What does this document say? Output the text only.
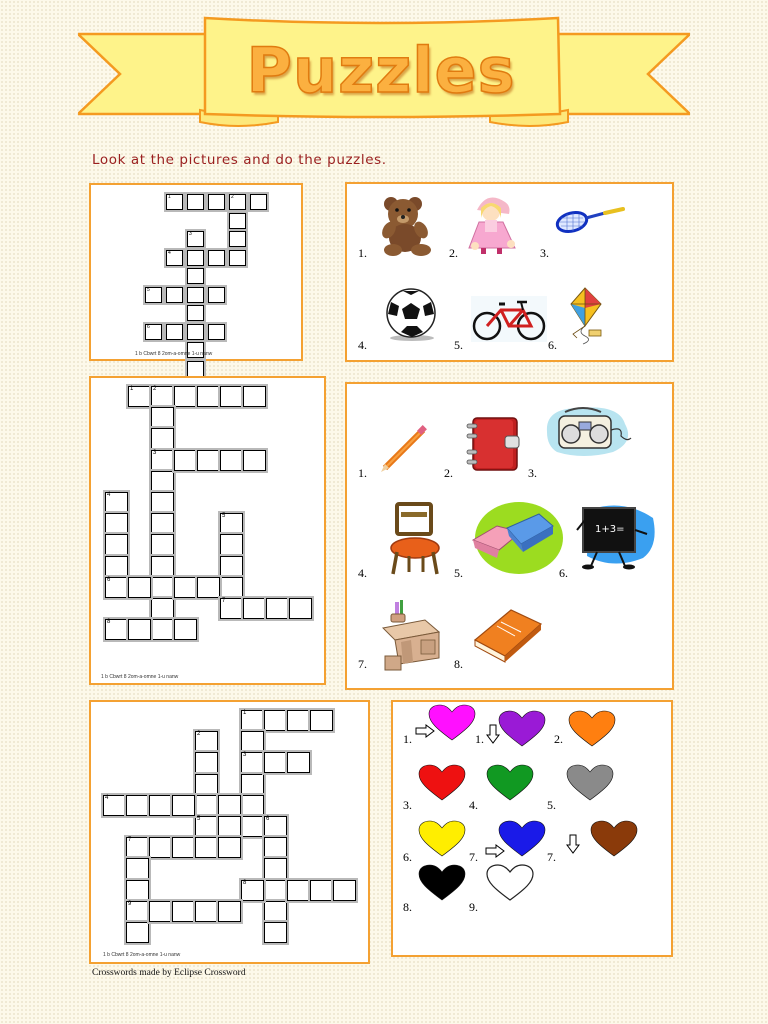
Puzzles
Look at the pictures and do the puzzles.
1	2
3
4
5
6
1 b Cbwrt 8 2om-a-omne 1-u nanw
1.	2.	3.
4.	5.	6.
1	2
3
4
6
5
7
8
1 b Cbwrt 8 2om-a-omne 1-u nanw
1.	2.	3.
4.	5.	6.
7.	8.
1+3=
1
3
2
5
4
6
7
9
8
1 b Cbwrt 8 2om-a-omne 1-u nanw
1.	1.	2.
3.	4.	5.
6.	7.	7.
8.	9.
Crosswords made by Eclipse Crossword
